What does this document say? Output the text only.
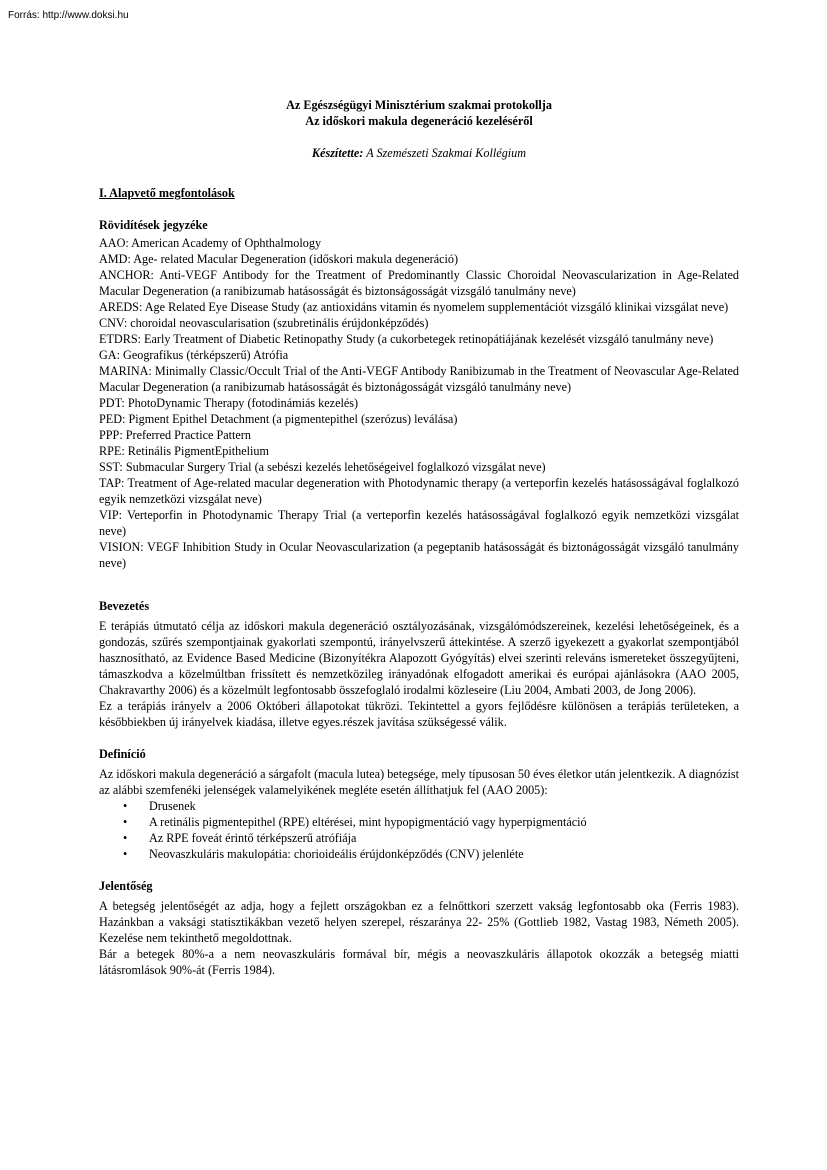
Forrás: http://www.doksi.hu
Az Egészségügyi Minisztérium szakmai protokollja
Az időskori makula degeneráció kezeléséről
Készítette: A Szemészeti Szakmai Kollégium
I. Alapvető megfontolások
Rövidítések jegyzéke
AAO: American Academy of Ophthalmology
AMD: Age- related Macular Degeneration (időskori makula degeneráció)
ANCHOR: Anti-VEGF Antibody for the Treatment of Predominantly Classic Choroidal Neovascularization in Age-Related Macular Degeneration (a ranibizumab hatásosságát és biztonságosságát vizsgáló tanulmány neve)
AREDS: Age Related Eye Disease Study (az antioxidáns vitamin és nyomelem supplementációt vizsgáló klinikai vizsgálat neve)
CNV: choroidal neovascularisation (szubretinális érújdonképződés)
ETDRS: Early Treatment of Diabetic Retinopathy Study (a cukorbetegek retinopátiájának kezelését vizsgáló tanulmány neve)
GA: Geografikus (térképszerű) Atrófia
MARINA: Minimally Classic/Occult Trial of the Anti-VEGF Antibody Ranibizumab in the Treatment of Neovascular Age-Related Macular Degeneration (a ranibizumab hatásosságát és biztonágosságát vizsgáló tanulmány neve)
PDT: PhotoDynamic Therapy (fotodinámiás kezelés)
PED: Pigment Epithel Detachment (a pigmentepithel (szerózus) leválása)
PPP: Preferred Practice Pattern
RPE: Retinális PigmentEpithelium
SST: Submacular Surgery Trial (a sebészi kezelés lehetőségeivel foglalkozó vizsgálat neve)
TAP: Treatment of Age-related macular degeneration with Photodynamic therapy (a verteporfin kezelés hatásosságával foglalkozó egyik nemzetközi vizsgálat neve)
VIP: Verteporfin in Photodynamic Therapy Trial (a verteporfin kezelés hatásosságával foglalkozó egyik nemzetközi vizsgálat neve)
VISION: VEGF Inhibition Study in Ocular Neovascularization (a pegeptanib hatásosságát és biztonágosságát vizsgáló tanulmány neve)
Bevezetés
E terápiás útmutató célja az időskori makula degeneráció osztályozásának, vizsgálómódszereinek, kezelési lehetőségeinek, és a gondozás, szűrés szempontjainak gyakorlati szempontú, irányelvszerű áttekintése. A szerző igyekezett a gyakorlat szempontjából hasznosítható, az Evidence Based Medicine (Bizonyítékra Alapozott Gyógyítás) elvei szerinti releváns ismereteket összegyűjteni, támaszkodva a közelmúltban frissített és nemzetközileg irányadónak elfogadott amerikai és európai ajánlásokra (AAO 2005, Chakravarthy 2006) és a közelmúlt legfontosabb összefoglaló irodalmi közleseire (Liu 2004, Ambati 2003, de Jong 2006).
Ez a terápiás irányelv a 2006 Októberi állapotokat tükrözi. Tekintettel a gyors fejlődésre különösen a terápiás területeken, a későbbiekben új irányelvek kiadása, illetve egyes.részek javítása szükségessé válik.
Definíció
Az időskori makula degeneráció a sárgafolt (macula lutea) betegsége, mely típusosan 50 éves életkor után jelentkezik. A diagnózist az alábbi szemfenéki jelenségek valamelyikének megléte esetén állíthatjuk fel (AAO 2005):
• Drusenek
• A retinális pigmentepithel (RPE) eltérései, mint hypopigmentáció vagy hyperpigmentáció
• Az RPE foveát érintő térképszerű atrófiája
• Neovaszkuláris makulopátia: chorioideális érújdonképződés (CNV) jelenléte
Jelentőség
A betegség jelentőségét az adja, hogy a fejlett országokban ez a felnőttkori szerzett vakság legfontosabb oka (Ferris 1983). Hazánkban a vaksági statisztikákban vezető helyen szerepel, részaránya 22- 25% (Gottlieb 1982, Vastag 1983, Németh 2005). Kezelése nem tekinthető megoldottnak.
Bár a betegek 80%-a a nem neovaszkuláris formával bír, mégis a neovaszkuláris állapotok okozzák a betegség miatti látásromlások 90%-át (Ferris 1984).
